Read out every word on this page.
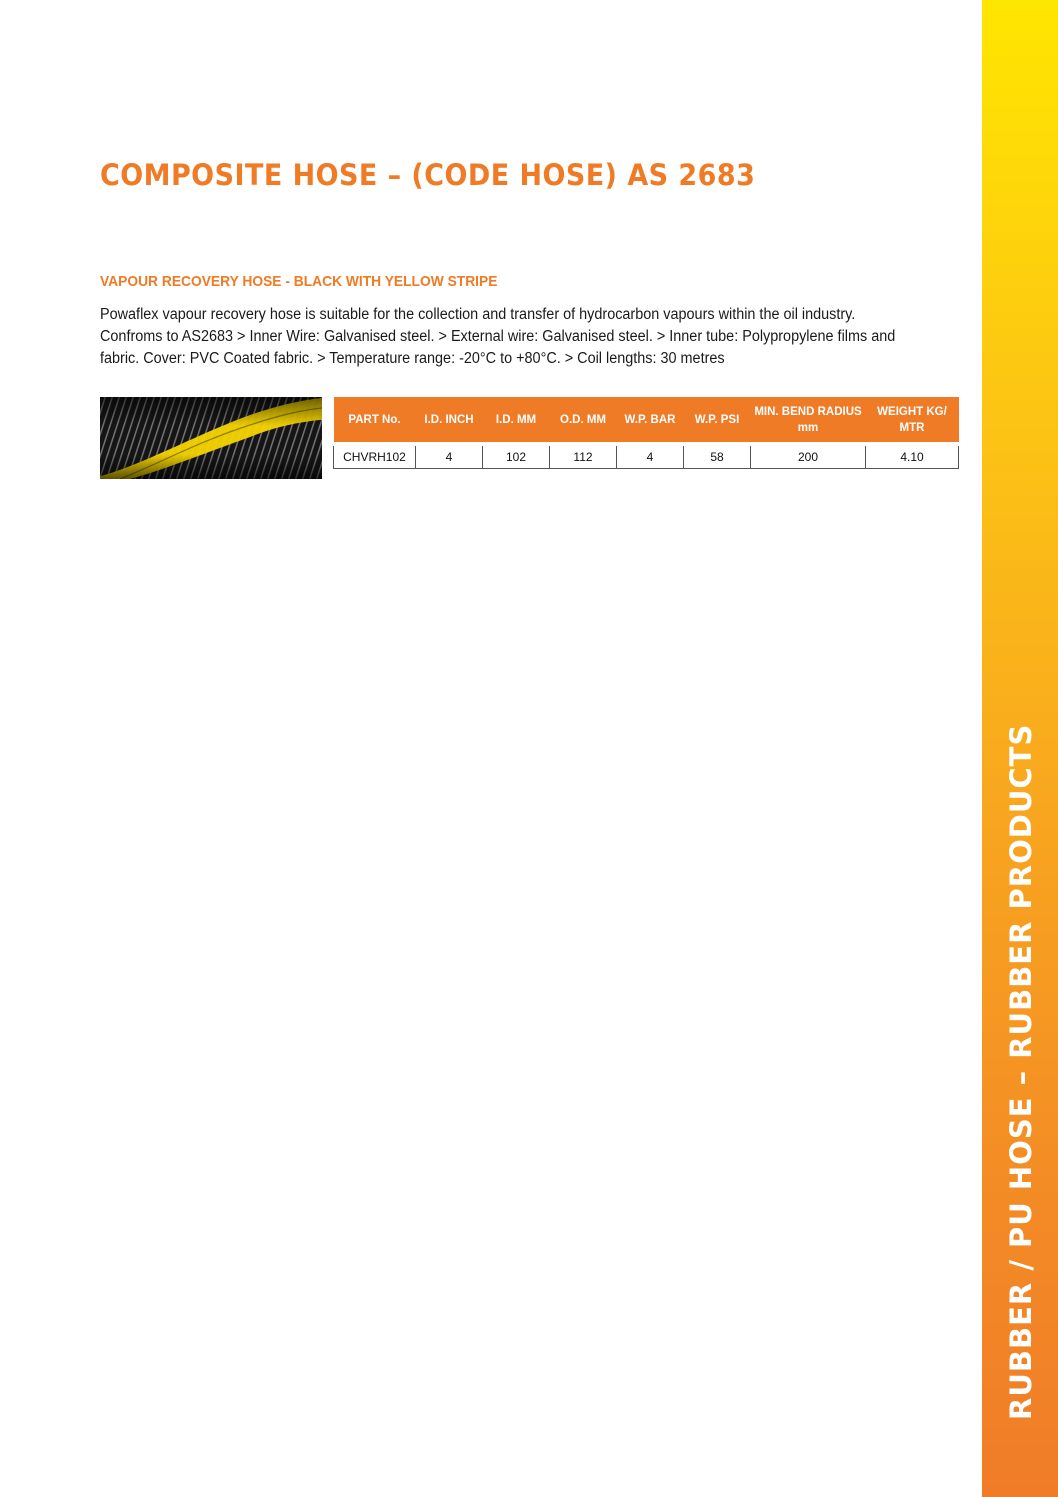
COMPOSITE HOSE – (CODE HOSE) AS 2683
VAPOUR RECOVERY HOSE - BLACK WITH YELLOW STRIPE
Powaflex vapour recovery hose is suitable for the collection and transfer of hydrocarbon vapours within the oil industry.
Confroms to AS2683 > Inner Wire: Galvanised steel. > External wire: Galvanised steel. > Inner tube: Polypropylene films and
fabric. Cover: PVC Coated fabric. > Temperature range: -20°C to +80°C. > Coil lengths: 30 metres
PART No.	I.D. INCH	I.D. MM	O.D. MM	W.P. BAR	W.P. PSI	MIN. BEND RADIUS mm	WEIGHT KG/ MTR
CHVRH102	4	102	112	4	58	200	4.10
RUBBER / PU HOSE – RUBBER PRODUCTS
